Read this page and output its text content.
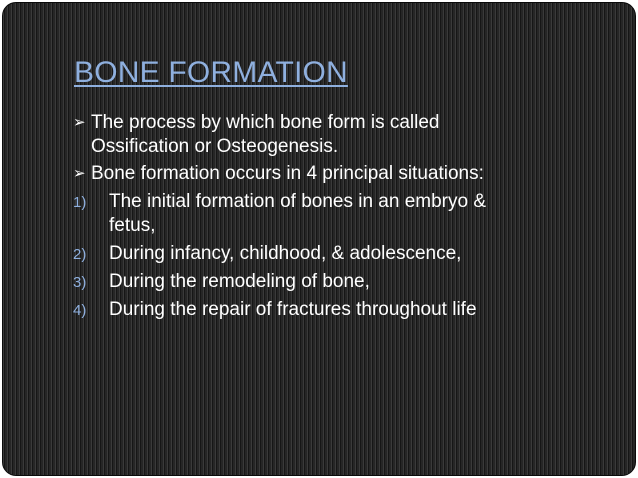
BONE FORMATION
➢ The process by which bone form is called
Ossification or Osteogenesis.
➢ Bone formation occurs in 4 principal situations:
1) The initial formation of bones in an embryo &
fetus,
2) During infancy, childhood, & adolescence,
3) During the remodeling of bone,
4) During the repair of fractures throughout life
